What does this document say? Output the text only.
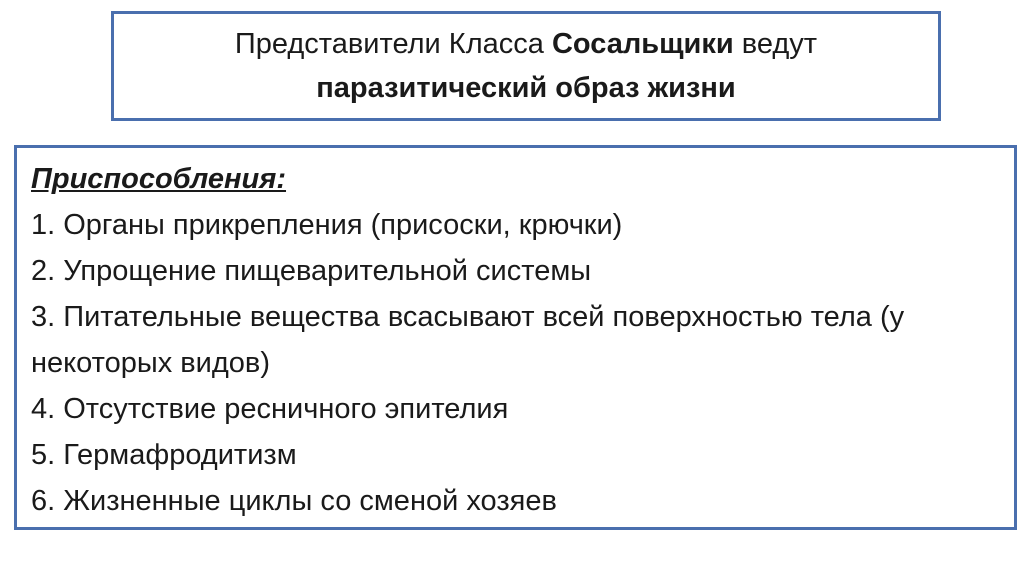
Представители Класса Сосальщики ведут
паразитический образ жизни
Приспособления:
1. Органы прикрепления (присоски, крючки)
2. Упрощение пищеварительной системы
3. Питательные вещества всасывают всей поверхностью тела (у некоторых видов)
4. Отсутствие ресничного эпителия
5. Гермафродитизм
6. Жизненные циклы со сменой хозяев
